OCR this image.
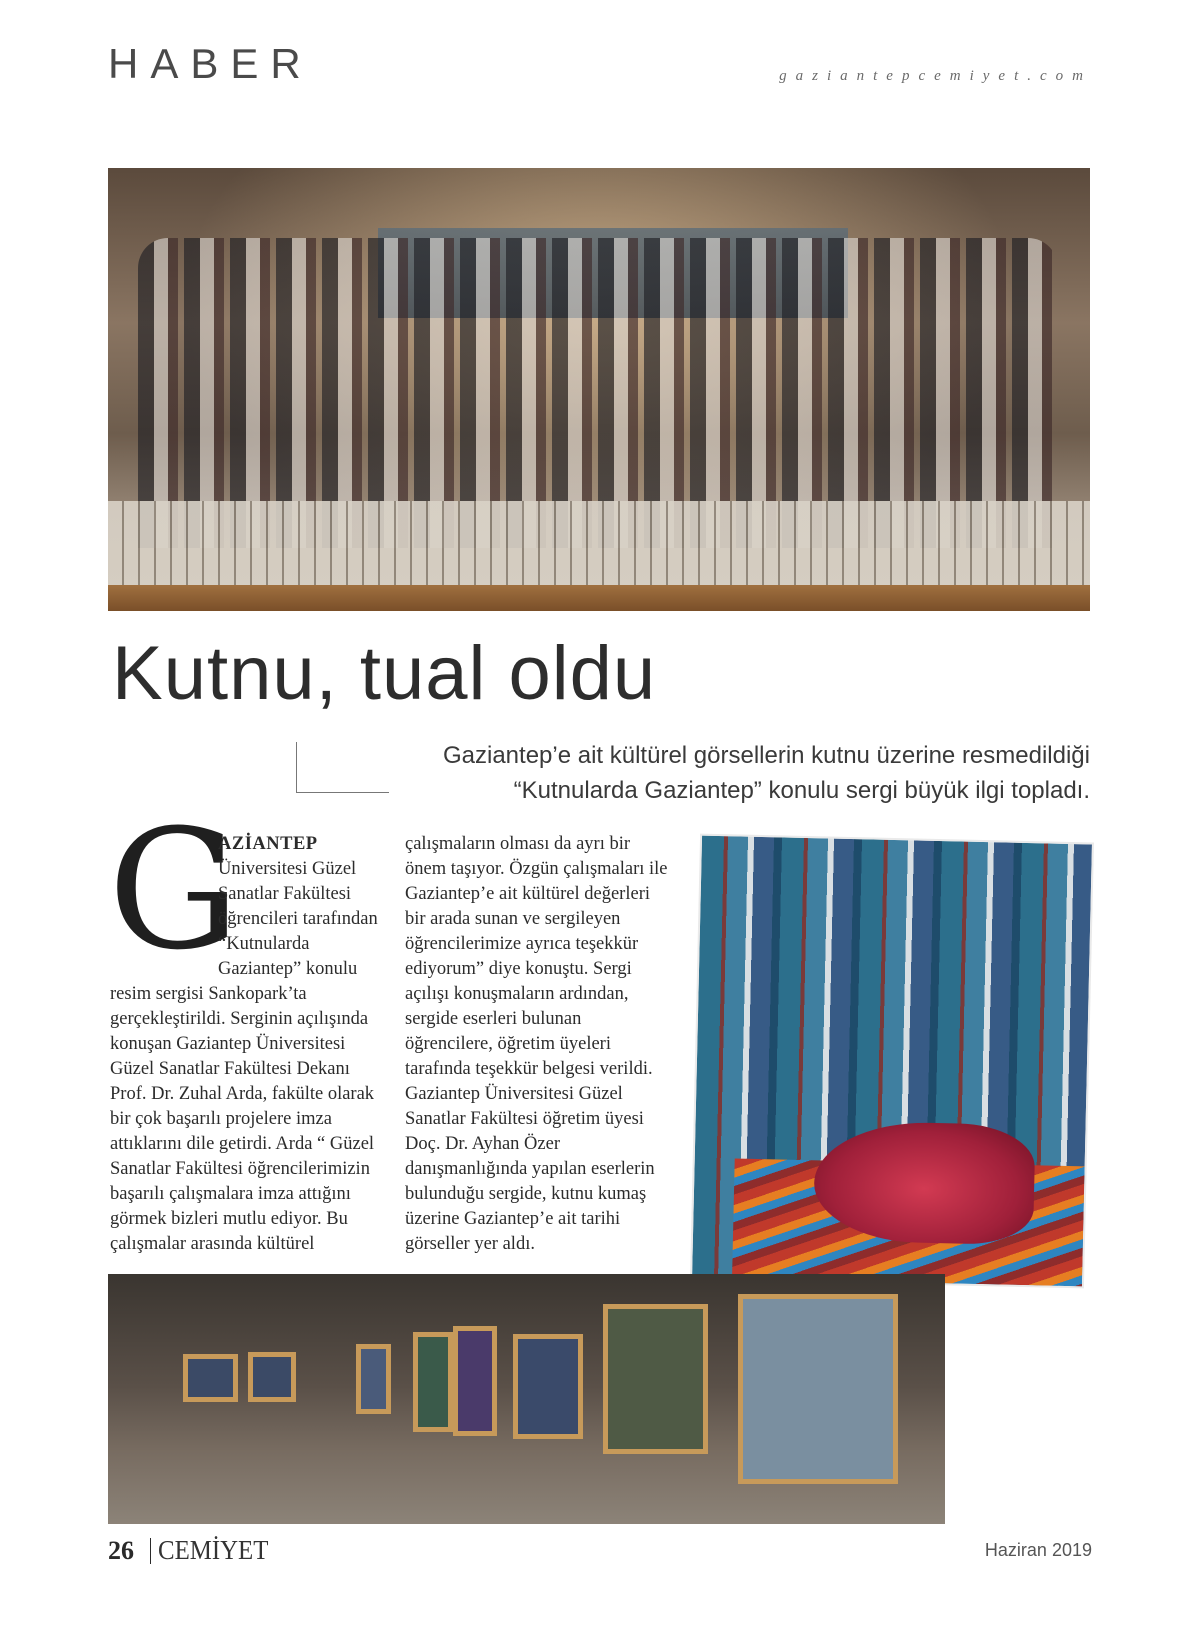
HABER	gaziantepcemiyet.com
Kutnu, tual oldu
Gaziantep’e ait kültürel görsellerin kutnu üzerine resmedildiği “Kutnularda Gaziantep” konulu sergi büyük ilgi topladı.
G
AZİANTEP Üniversitesi Güzel Sanatlar Fakültesi öğrencileri tarafından “Kutnularda Gaziantep” konulu resim sergisi Sankopark’ta gerçekleştirildi. Serginin açılışında konuşan Gaziantep Üniversitesi Güzel Sanatlar Fakültesi Dekanı Prof. Dr. Zuhal Arda, fakülte olarak bir çok başarılı projelere imza attıklarını dile getirdi. Arda “ Güzel Sanatlar Fakültesi öğrencilerimizin başarılı çalışmalara imza attığını görmek bizleri mutlu ediyor. Bu çalışmalar arasında kültürel
çalışmaların olması da ayrı bir önem taşıyor. Özgün çalışmaları ile Gaziantep’e ait kültürel değerleri bir arada sunan ve sergileyen öğrencilerimize ayrıca teşekkür ediyorum” diye konuştu. Sergi açılışı konuşmaların ardından, sergide eserleri bulunan öğrencilere, öğretim üyeleri tarafında teşekkür belgesi verildi. Gaziantep Üniversitesi Güzel Sanatlar Fakültesi öğretim üyesi Doç. Dr. Ayhan Özer danışmanlığında yapılan eserlerin bulunduğu sergide, kutnu kumaş üzerine Gaziantep’e ait tarihi görseller yer aldı.
26 CEMİYET	Haziran 2019
